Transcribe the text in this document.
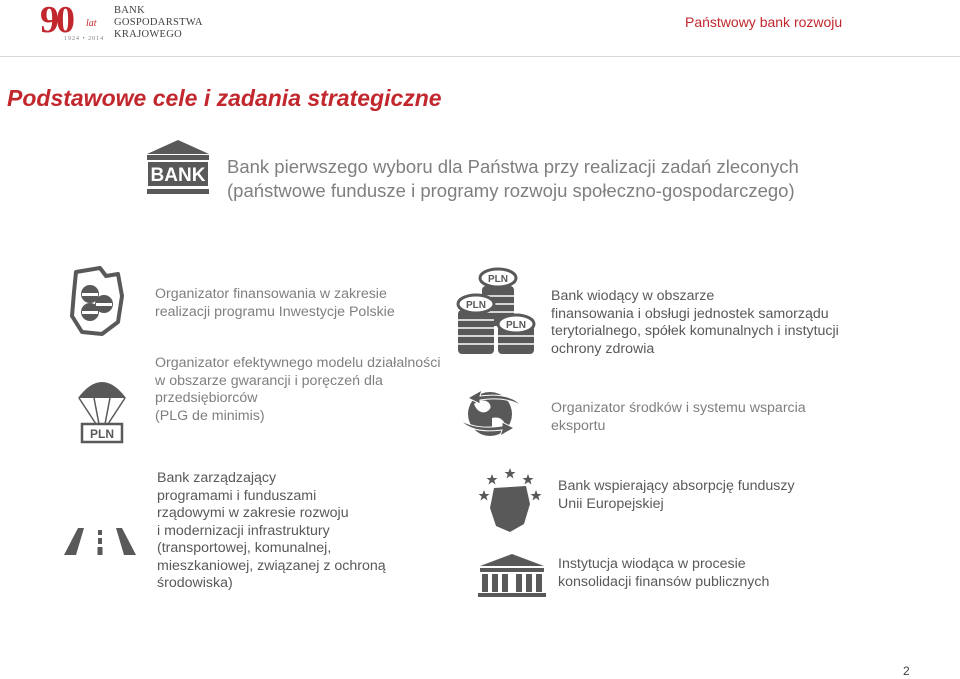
90 lat
1924 • 2014
BANK
GOSPODARSTWA
KRAJOWEGO
Państwowy bank rozwoju
Podstawowe cele i zadania strategiczne
BANK Bank pierwszego wyboru dla Państwa przy realizacji zadań zleconych (państwowe fundusze i programy rozwoju społeczno-gospodarczego)
PLN
Organizator finansowania w zakresie realizacji programu Inwestycje Polskie
Organizator efektywnego modelu działalności
w obszarze gwarancji i poręczeń dla
przedsiębiorców
(PLG de minimis)
Bank zarządzający
programami i funduszami
rządowymi w zakresie rozwoju
i modernizacji infrastruktury
(transportowej, komunalnej,
mieszkaniowej, związanej z ochroną
środowiska)
PLN
PLN
PLN
Bank wiodący w obszarze
finansowania i obsługi jednostek samorządu
terytorialnego, spółek komunalnych i instytucji
ochrony zdrowia
Organizator środków i systemu wsparcia
eksportu
Bank wspierający absorpcję funduszy
Unii Europejskiej
Instytucja wiodąca w procesie
konsolidacji finansów publicznych
2
